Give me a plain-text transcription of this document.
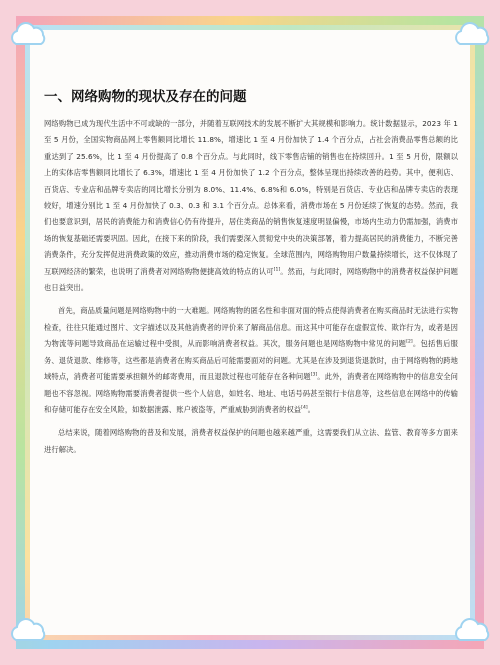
一、网络购物的现状及存在的问题

网络购物已成为现代生活中不可或缺的一部分，并随着互联网技术的发展不断扩大其规模和影响力。统计数据显示，2023 年 1 至 5 月份，全国实物商品网上零售额同比增长 11.8%，增速比 1 至 4 月份加快了 1.4 个百分点，占社会消费品零售总额的比重达到了 25.6%，比 1 至 4 月份提高了 0.8 个百分点。与此同时，线下零售店铺的销售也在持续回升。1 至 5 月份，限额以上的实体店零售额同比增长了 6.3%，增速比 1 至 4 月份加快了 1.2 个百分点，整体呈现出持续改善的趋势。其中，便利店、百货店、专业店和品牌专卖店的同比增长分别为 8.0%、11.4%、6.8%和 6.0%，特别是百货店、专业店和品牌专卖店的表现较好，增速分别比 1 至 4 月份加快了 0.3、0.3 和 3.1 个百分点。总体来看，消费市场在 5 月份延续了恢复的态势。然而，我们也要意识到，居民的消费能力和消费信心仍有待提升，居住类商品的销售恢复速度明显偏慢，市场内生动力仍需加强，消费市场的恢复基础还需要巩固。因此，在接下来的阶段，我们需要深入贯彻党中央的决策部署，着力提高居民的消费能力，不断完善消费条件，充分发挥促进消费政策的效应，推动消费市场的稳定恢复。全球范围内，网络购物用户数量持续增长，这不仅体现了互联网经济的繁荣，也说明了消费者对网络购物便捷高效的特点的认可[1]。然而，与此同时，网络购物中的消费者权益保护问题也日益突出。

首先，商品质量问题是网络购物中的一大难题。网络购物的匿名性和非面对面的特点使得消费者在购买商品时无法进行实物检查，往往只能通过图片、文字描述以及其他消费者的评价来了解商品信息。而这其中可能存在虚假宣传、欺诈行为，或者是因为物流等问题导致商品在运输过程中受损，从而影响消费者权益。其次，服务问题也是网络购物中常见的问题[2]。包括售后服务、退货退款、维修等，这些都是消费者在购买商品后可能需要面对的问题。尤其是在涉及到退货退款时，由于网络购物的跨地域特点，消费者可能需要承担额外的邮寄费用，而且退款过程也可能存在各种问题[3]。此外，消费者在网络购物中的信息安全问题也不容忽视。网络购物需要消费者提供一些个人信息，如姓名、地址、电话号码甚至银行卡信息等，这些信息在网络中的传输和存储可能存在安全风险，如数据泄露、账户被盗等，严重威胁到消费者的权益[4]。

总结来说，随着网络购物的普及和发展，消费者权益保护的问题也越来越严重，这需要我们从立法、监管、教育等多方面来进行解决。
